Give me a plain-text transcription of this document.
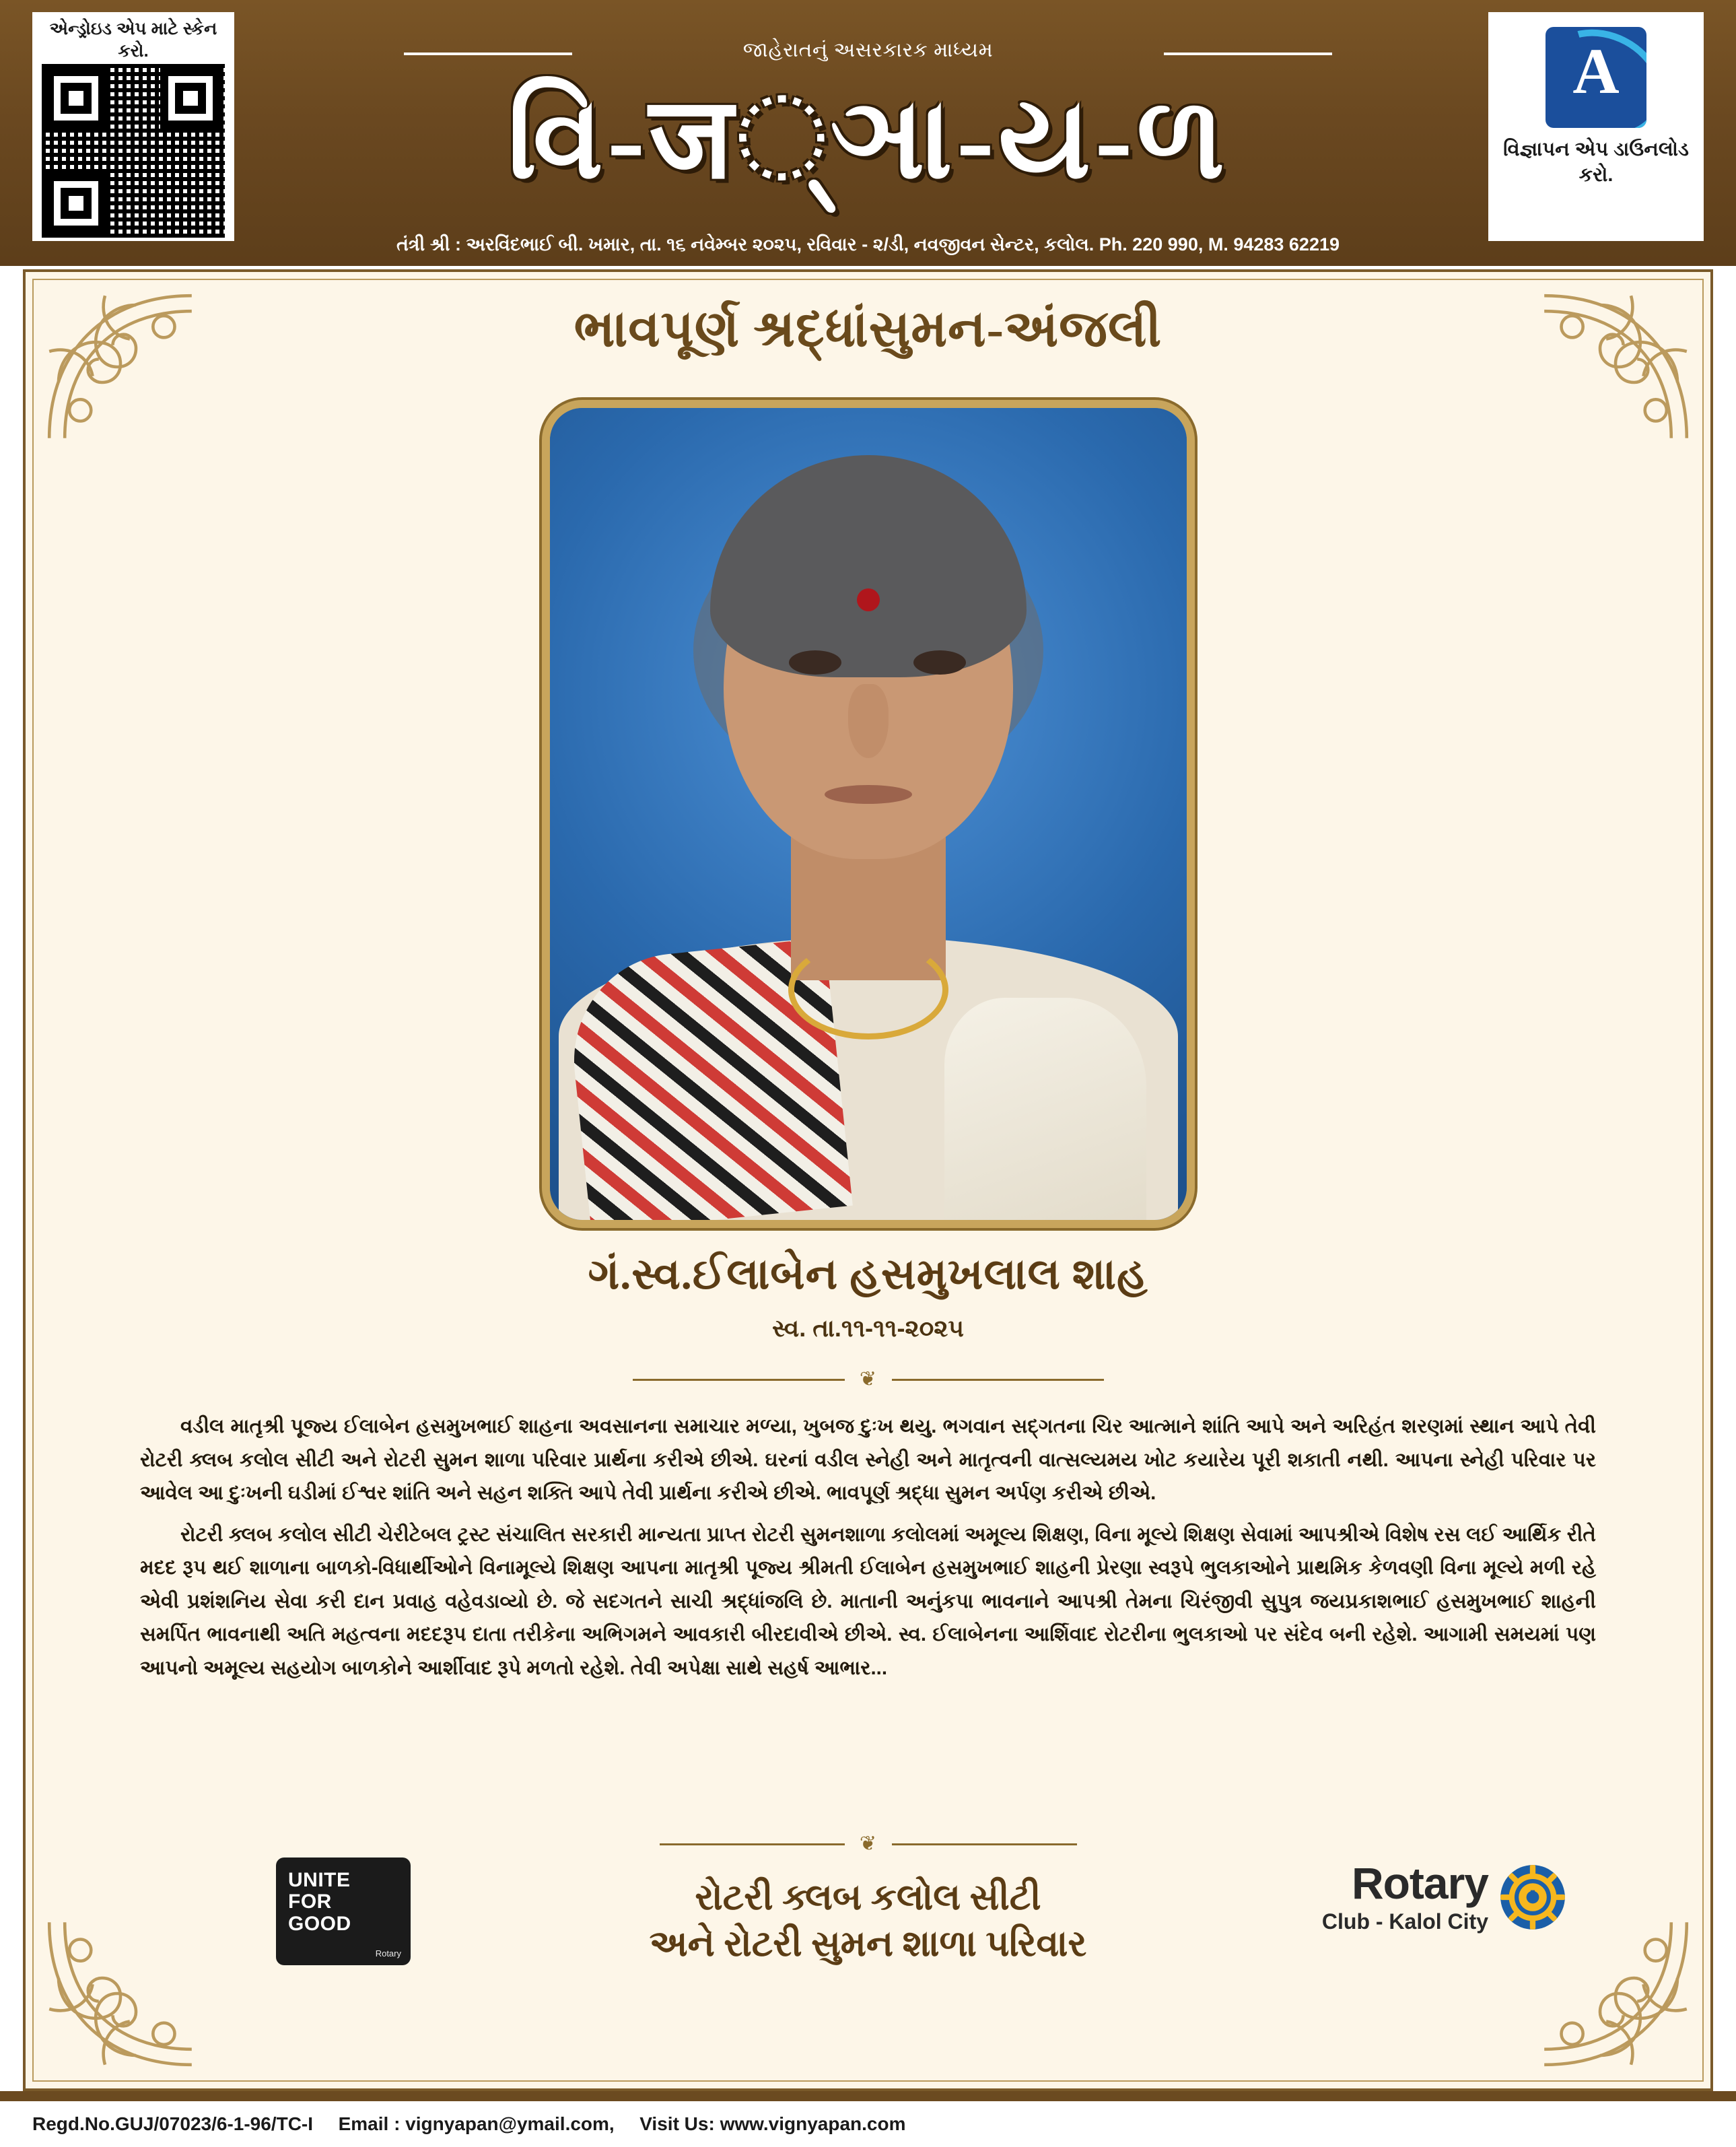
એન્ડ્રોઇડ એપ માટે સ્કેન કરો.	જાહેરાતનું અસરકારક માધ્યમ
વિ-ज્ઞા-ય-ળ
તંત્રી શ્રી : અરવિંદભાઈ બી. ખમાર, તા. ૧૬ નવેમ્બર ૨૦૨૫, રવિવાર - ૨/ડી, નવજીવન સેન્ટર, કલોલ. Ph. 220 990, M. 94283 62219
A
વિજ્ઞાપન એપ ડાઉનલોડ કરો.
ભાવપૂર્ણ શ્રદ્ધાંસુમન-અંજલી
ગં.સ્વ.ઈલાબેન હસમુખલાલ શાહ
સ્વ. તા.૧૧-૧૧-૨૦૨૫
❦

વડીલ માતૃશ્રી પૂજ્ય ઈલાબેન હસમુખભાઈ શાહના અવસાનના સમાચાર મળ્યા, ખુબજ દુઃખ થયુ. ભગવાન સદ્‌ગતના ચિર આત્માને શાંતિ આપે અને અરિહંત શરણમાં સ્થાન આપે તેવી રોટરી ક્લબ કલોલ સીટી અને રોટરી સુમન શાળા પરિવાર પ્રાર્થના કરીએ છીએ. ઘરનાં વડીલ સ્નેહી અને માતૃત્વની વાત્સલ્યમય ખોટ કયારેય પૂરી શકાતી નથી. આપના સ્નેહી પરિવાર પર આવેલ આ દુઃખની ઘડીમાં ઈશ્વર શાંતિ અને સહન શક્તિ આપે તેવી પ્રાર્થના કરીએ છીએ. ભાવપૂર્ણ શ્રદ્ધા સુમન અર્પણ કરીએ છીએ.

રોટરી ક્લબ કલોલ સીટી ચેરીટેબલ ટ્રસ્ટ સંચાલિત સરકારી માન્યતા પ્રાપ્ત રોટરી સુમનશાળા કલોલમાં અમૂલ્ય શિક્ષણ, વિના મૂલ્યે શિક્ષણ સેવામાં આપશ્રીએ વિશેષ રસ લઈ આર્થિક રીતે મદદ રૂપ થઈ શાળાના બાળકો-વિધાર્થીઓને વિનામૂલ્યે શિક્ષણ આપના માતૃશ્રી પૂજ્ય શ્રીમતી ઈલાબેન હસમુખભાઈ શાહની પ્રેરણા સ્વરૂપે ભુલકાઓને પ્રાથમિક કેળવણી વિના મૂલ્યે મળી રહે એવી પ્રશંશનિય સેવા કરી દાન પ્રવાહ વહેવડાવ્યો છે. જે સદગતને સાચી શ્રદ્ધાંજલિ છે. માતાની અનુંકપા ભાવનાને આપશ્રી તેમના ચિરંજીવી સુપુત્ર જયપ્રકાશભાઈ હસમુખભાઈ શાહની સમર્પિત ભાવનાથી અતિ મહત્વના મદદરૂપ દાતા તરીકેના અભિગમને આવકારી બીરદાવીએ છીએ. સ્વ. ઈલાબેનના આર્શિવાદ રોટરીના ભુલકાઓ પર સંદેવ બની રહેશે. આગામી સમયમાં પણ આપનો અમૂલ્ય સહયોગ બાળકોને આર્શીવાદ રૂપે મળતો રહેશે. તેવી અપેક્ષા સાથે સહર્ષ આભાર...

❦
UNITE
FOR
GOOD
Rotary
Rotary
Club - Kalol City
રોટરી ક્લબ કલોલ સીટી
અને રોટરી સુમન શાળા પરિવાર
Regd.No.GUJ/07023/6-1-96/TC-I Email : vignyapan@ymail.com, Visit Us: www.vignyapan.com
